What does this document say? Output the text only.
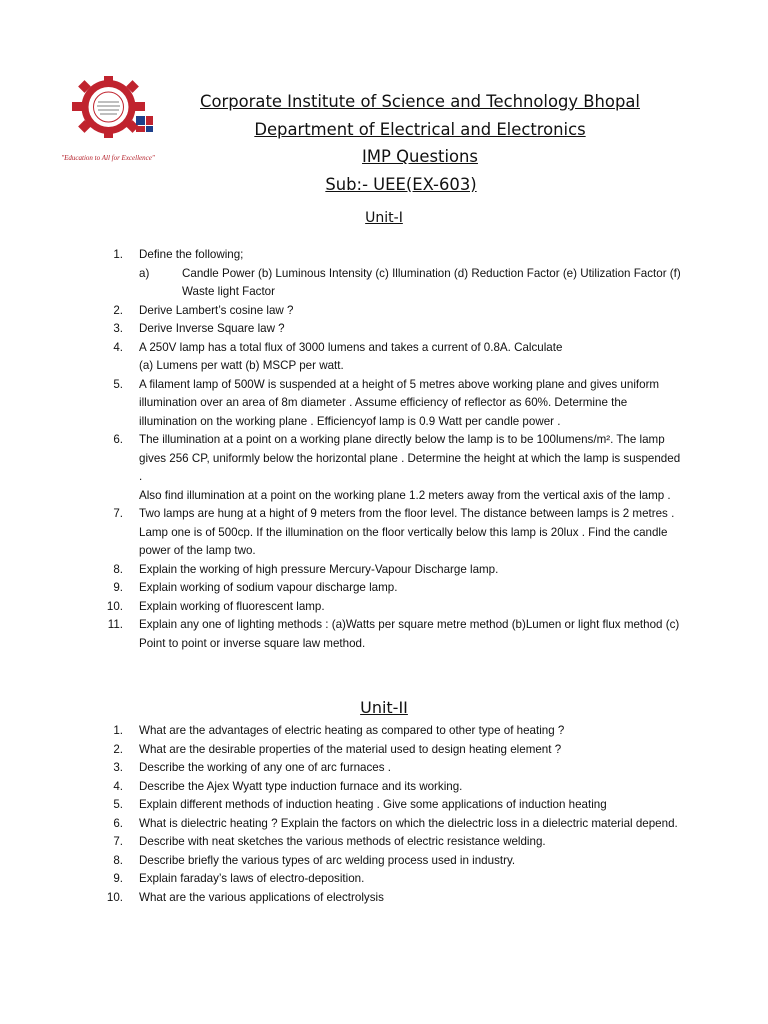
"Education to All for Excellence"
Corporate Institute of Science and Technology Bhopal
Department of Electrical and Electronics
IMP Questions
Sub:- UEE(EX-603)
Unit-I
1. Define the following;
a)	Candle Power (b) Luminous Intensity (c) Illumination (d) Reduction Factor (e) Utilization Factor (f) Waste light Factor
2. Derive Lambert’s cosine law ?
3. Derive Inverse Square law ?
4. A 250V lamp has a total flux of 3000 lumens and takes a current of 0.8A. Calculate
(a) Lumens per watt (b) MSCP per watt.
5. A filament lamp of 500W is suspended at a height of 5 metres above working plane and gives uniform illumination over an area of 8m diameter . Assume efficiency of reflector as 60%. Determine the illumination on the working plane . Efficiencyof lamp is 0.9 Watt per candle power .
6. The illumination at a point on a working plane directly below the lamp is to be 100lumens/m². The lamp gives 256 CP, uniformly below the horizontal plane . Determine the height at which the lamp is suspended .
Also find illumination at a point on the working plane 1.2 meters away from the vertical axis of the lamp .
7. Two lamps are hung at a hight of 9 meters from the floor level. The distance between lamps is 2 metres . Lamp one is of 500cp. If the illumination on the floor vertically below this lamp is 20lux . Find the candle power of the lamp two.
8. Explain the working of high pressure Mercury-Vapour Discharge lamp.
9. Explain working of sodium vapour discharge lamp.
10. Explain working of fluorescent lamp.
11. Explain any one of lighting methods : (a)Watts per square metre method (b)Lumen or light flux method (c) Point to point or inverse square law method.
Unit-II
1. What are the advantages of electric heating as compared to other type of heating ?
2. What are the desirable properties of the material used to design heating element ?
3. Describe the working of any one of arc furnaces .
4. Describe the Ajex Wyatt type induction furnace and its working.
5. Explain different methods of induction heating . Give some applications of induction heating
6. What is dielectric heating ? Explain the factors on which the dielectric loss in a dielectric material depend.
7. Describe with neat sketches the various methods of electric resistance welding.
8. Describe briefly the various types of arc welding process used in industry.
9. Explain faraday’s laws of electro-deposition.
10. What are the various applications of electrolysis
